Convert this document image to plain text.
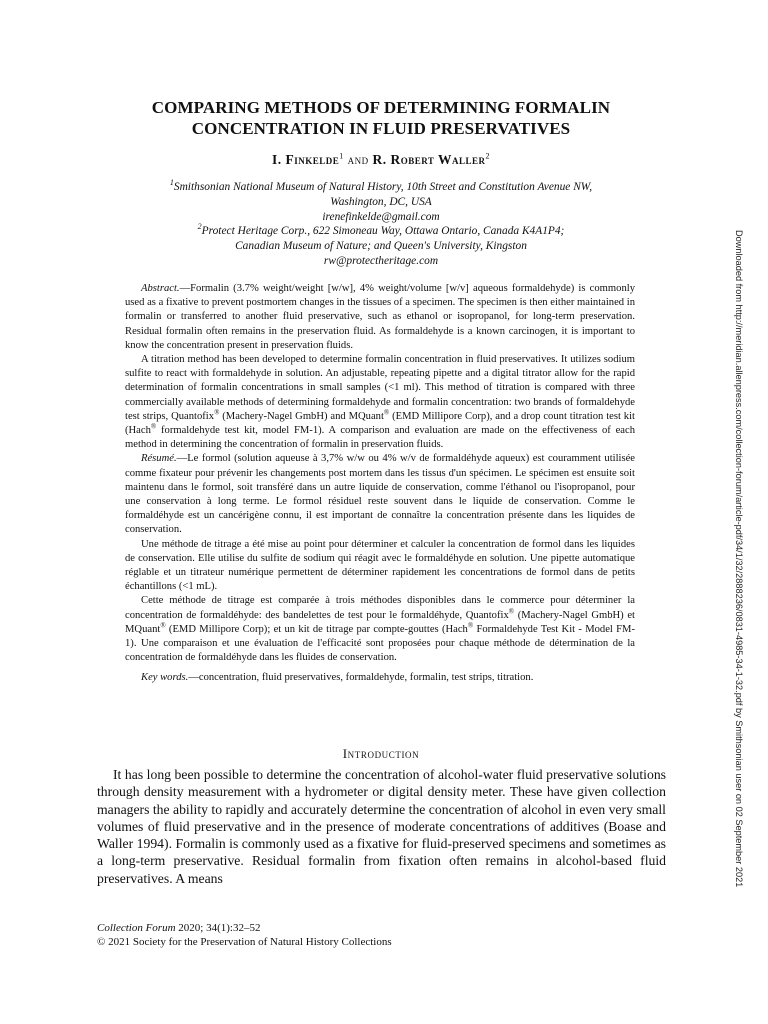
COMPARING METHODS OF DETERMINING FORMALIN
CONCENTRATION IN FLUID PRESERVATIVES
I. Finkelde$^1$ and R. Robert Waller$^2$
$^1$Smithsonian National Museum of Natural History, 10th Street and Constitution Avenue NW,
Washington, DC, USA
irenefinkelde@gmail.com
$^2$Protect Heritage Corp., 622 Simoneau Way, Ottawa Ontario, Canada K4A1P4;
Canadian Museum of Nature; and Queen's University, Kingston
rw@protectheritage.com

Abstract.—Formalin (3.7% weight/weight [w/w], 4% weight/volume [w/v] aqueous formaldehyde) is commonly used as a fixative to prevent postmortem changes in the tissues of a specimen. The specimen is then either maintained in formalin or transferred to another fluid preservative, such as ethanol or isopropanol, for long-term preservation. Residual formalin often remains in the preservation fluid. As formaldehyde is a known carcinogen, it is important to know the concentration present in preservation fluids.

A titration method has been developed to determine formalin concentration in fluid preservatives. It utilizes sodium sulfite to react with formaldehyde in solution. An adjustable, repeating pipette and a digital titrator allow for the rapid determination of formalin concentrations in small samples (<1 ml). This method of titration is compared with three commercially available methods of determining formaldehyde and formalin concentration: two brands of formaldehyde test strips, Quantofix® (Machery-Nagel GmbH) and MQuant® (EMD Millipore Corp), and a drop count titration test kit (Hach® formaldehyde test kit, model FM-1). A comparison and evaluation are made on the effectiveness of each method in determining the concentration of formalin in preservation fluids.

Résumé.—Le formol (solution aqueuse à 3,7% w/w ou 4% w/v de formaldéhyde aqueux) est couramment utilisée comme fixateur pour prévenir les changements post mortem dans les tissus d'un spécimen. Le spécimen est ensuite soit maintenu dans le formol, soit transféré dans un autre liquide de conservation, comme l'éthanol ou l'isopropanol, pour une conservation à long terme. Le formol résiduel reste souvent dans le liquide de conservation. Comme le formaldéhyde est un cancérigène connu, il est important de connaître la concentration présente dans les liquides de conservation.

Une méthode de titrage a été mise au point pour déterminer et calculer la concentration de formol dans les liquides de conservation. Elle utilise du sulfite de sodium qui réagit avec le formaldéhyde en solution. Une pipette automatique réglable et un titrateur numérique permettent de déterminer rapidement les concentrations de formol dans de petits échantillons (<1 mL).

Cette méthode de titrage est comparée à trois méthodes disponibles dans le commerce pour déterminer la concentration de formaldéhyde: des bandelettes de test pour le formaldéhyde, Quantofix® (Machery-Nagel GmbH) et MQuant® (EMD Millipore Corp); et un kit de titrage par compte-gouttes (Hach® Formaldehyde Test Kit - Model FM-1). Une comparaison et une évaluation de l'efficacité sont proposées pour chaque méthode de détermination de la concentration de formaldéhyde dans les fluides de conservation.

Key words.—concentration, fluid preservatives, formaldehyde, formalin, test strips, titration.

Introduction

It has long been possible to determine the concentration of alcohol-water fluid preservative solutions through density measurement with a hydrometer or digital density meter. These have given collection managers the ability to rapidly and accurately determine the concentration of alcohol in even very small volumes of fluid preservative and in the presence of moderate concentrations of additives (Boase and Waller 1994). Formalin is commonly used as a fixative for fluid-preserved specimens and sometimes as a long-term preservative. Residual formalin from fixation often remains in alcohol-based fluid preservatives. A means

Collection Forum 2020; 34(1):32–52
© 2021 Society for the Preservation of Natural History Collections
Downloaded from http://meridian.allenpress.com/collection-forum/article-pdf/34/1/32/2888236/0831-4985-34-1-32.pdf by Smithsonian user on 02 September 2021
